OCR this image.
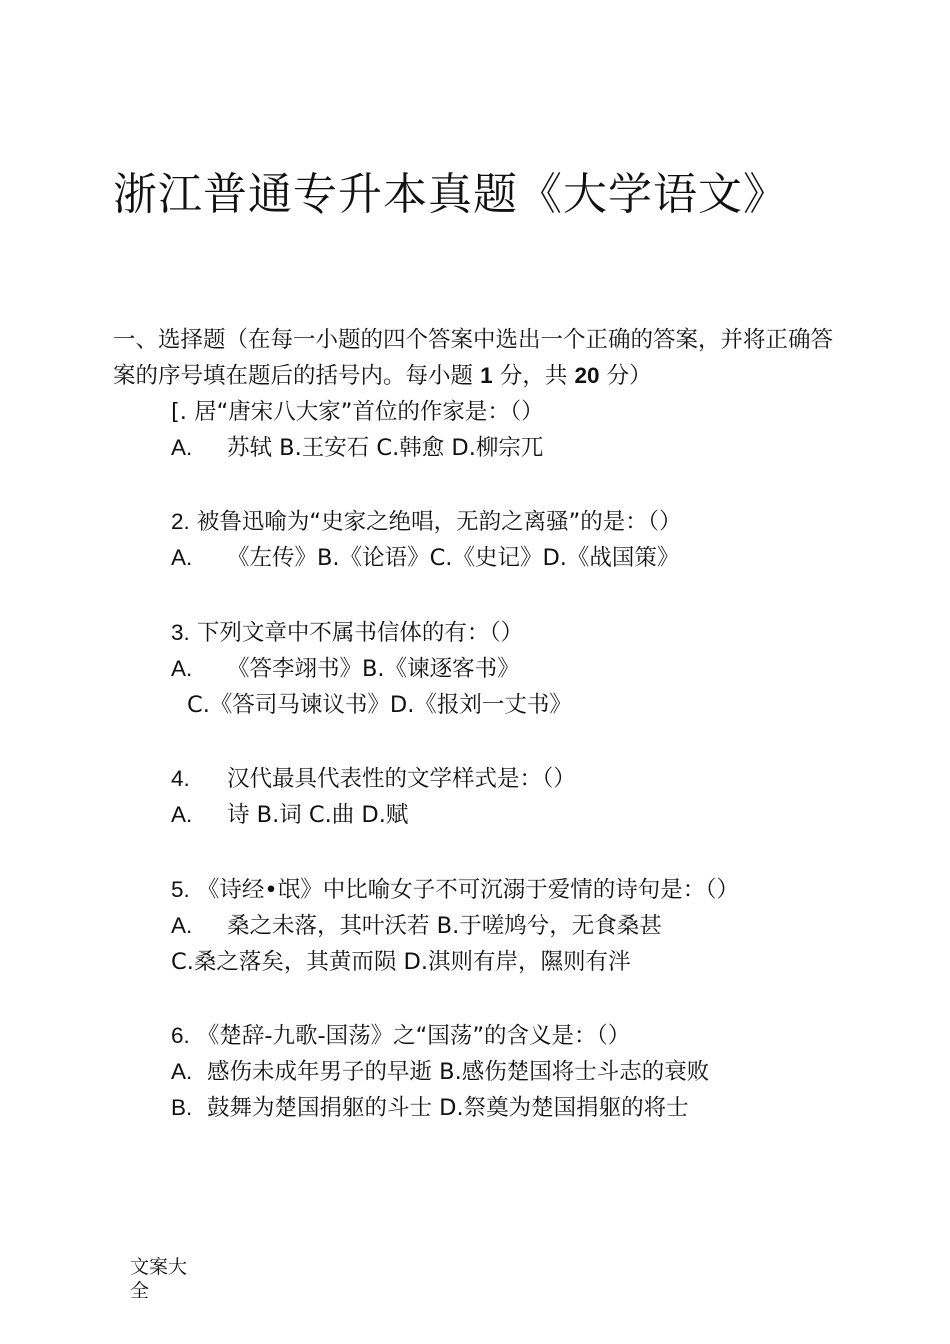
浙江普通专升本真题《大学语文》
一、选择题（在每一小题的四个答案中选出一个正确的答案，并将正确答
案的序号填在题后的括号内。每小题 1 分，共 20 分）
[. 居“唐宋八大家”首位的作家是：（）
A. 苏轼 B.王安石 C.韩愈 D.柳宗兀
2. 被鲁迅喻为“史家之绝唱，无韵之离骚”的是：（）
A. 《左传》B.《论语》C.《史记》D.《战国策》
3. 下列文章中不属书信体的有：（）
A. 《答李翊书》B.《谏逐客书》
C.《答司马谏议书》D.《报刘一丈书》
4. 汉代最具代表性的文学样式是：（）
A. 诗 B.词 C.曲 D.赋
5. 《诗经•氓》中比喻女子不可沉溺于爱情的诗句是：（）
A. 桑之未落，其叶沃若 B.于嗟鸠兮，无食桑甚
C.桑之落矣，其黄而陨 D.淇则有岸，隰则有泮
6. 《楚辞-九歌-国荡》之“国荡”的含义是：（）
A. 感伤未成年男子的早逝 B.感伤楚国将士斗志的衰败
B. 鼓舞为楚国捐躯的斗士 D.祭奠为楚国捐躯的将士
文案大全
